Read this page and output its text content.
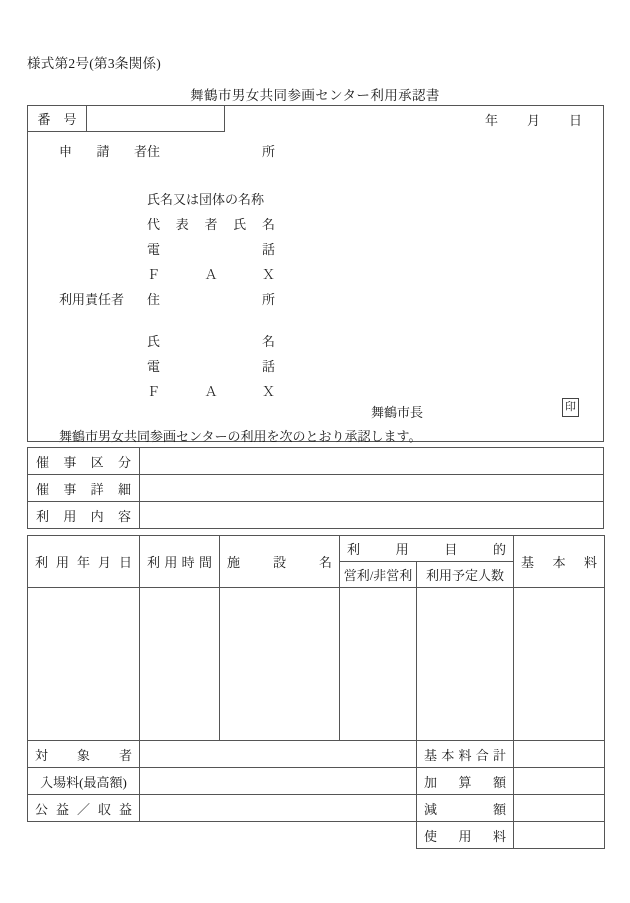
様式第2号(第3条関係)
舞鶴市男女共同参画センター利用承認書
番　号	年	月	日
申請者 住　　　所
氏名又は団体の名称
代表者氏名
電　　　話
Ｆ　Ａ　Ｘ
利用責任者	住　　　所
氏　　　名
電　　　話
Ｆ　Ａ　Ｘ
舞鶴市長	印
舞鶴市男女共同参画センターの利用を次のとおり承認します。
催事区分
催事詳細
利用内容
利用年月日	利用時間	施設名	利用目的		基本料

			営利/非営利	利用予定人数	

対象者				基本料合計	

入場料(最高額)				加算額	

公益／収益				減額	

				使用料	
